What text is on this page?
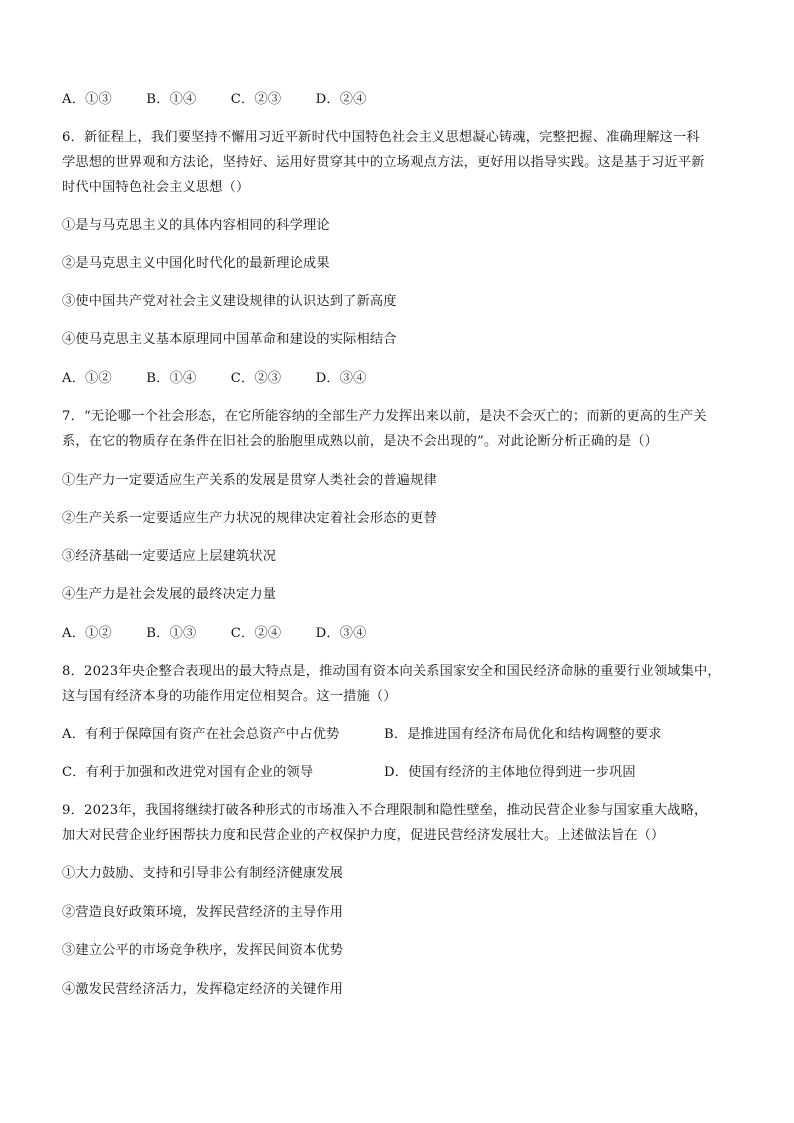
A．①③	B．①④	C．②③	D．②④
6．新征程上，我们要坚持不懈用习近平新时代中国特色社会主义思想凝心铸魂，完整把握、准确理解这一科
学思想的世界观和方法论，坚持好、运用好贯穿其中的立场观点方法，更好用以指导实践。这是基于习近平新
时代中国特色社会主义思想（）
①是与马克思主义的具体内容相同的科学理论
②是马克思主义中国化时代化的最新理论成果
③使中国共产党对社会主义建设规律的认识达到了新高度
④使马克思主义基本原理同中国革命和建设的实际相结合
A．①②	B．①④	C．②③	D．③④
7．“无论哪一个社会形态，在它所能容纳的全部生产力发挥出来以前，是决不会灭亡的；而新的更高的生产关
系，在它的物质存在条件在旧社会的胎胞里成熟以前，是决不会出现的”。对此论断分析正确的是（）
①生产力一定要适应生产关系的发展是贯穿人类社会的普遍规律
②生产关系一定要适应生产力状况的规律决定着社会形态的更替
③经济基础一定要适应上层建筑状况
④生产力是社会发展的最终决定力量
A．①②	B．①③	C．②④	D．③④
8．2023年央企整合表现出的最大特点是，推动国有资本向关系国家安全和国民经济命脉的重要行业领域集中，
这与国有经济本身的功能作用定位相契合。这一措施（）
A．有利于保障国有资产在社会总资产中占优势	B．是推进国有经济布局优化和结构调整的要求
C．有利于加强和改进党对国有企业的领导	D．使国有经济的主体地位得到进一步巩固
9．2023年，我国将继续打破各种形式的市场准入不合理限制和隐性壁垒，推动民营企业参与国家重大战略，
加大对民营企业纾困帮扶力度和民营企业的产权保护力度，促进民营经济发展壮大。上述做法旨在（）
①大力鼓励、支持和引导非公有制经济健康发展
②营造良好政策环境，发挥民营经济的主导作用
③建立公平的市场竞争秩序，发挥民间资本优势
④激发民营经济活力，发挥稳定经济的关键作用
